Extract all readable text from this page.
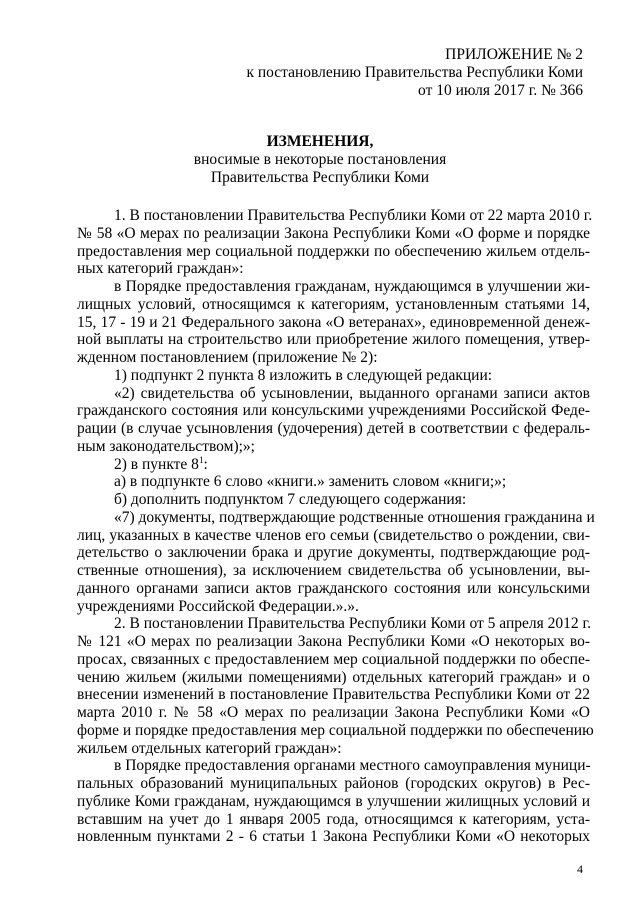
ПРИЛОЖЕНИЕ № 2
к постановлению Правительства Республики Коми
от 10 июля 2017 г. № 366
ИЗМЕНЕНИЯ,
вносимые в некоторые постановления
Правительства Республики Коми
1. В постановлении Правительства Республики Коми от 22 марта 2010 г.
№ 58 «О мерах по реализации Закона Республики Коми «О форме и порядке
предоставления мер социальной поддержки по обеспечению жильем отдель-
ных категорий граждан»:
в Порядке предоставления гражданам, нуждающимся в улучшении жи-
лищных условий, относящимся к категориям, установленным статьями 14,
15, 17 - 19 и 21 Федерального закона «О ветеранах», единовременной денеж-
ной выплаты на строительство или приобретение жилого помещения, утвер-
жденном постановлением (приложение № 2):
1) подпункт 2 пункта 8 изложить в следующей редакции:
«2) свидетельства об усыновлении, выданного органами записи актов
гражданского состояния или консульскими учреждениями Российской Феде-
рации (в случае усыновления (удочерения) детей в соответствии с федераль-
ным законодательством);»;
2) в пункте $8^1$:
а) в подпункте 6 слово «книги.» заменить словом «книги;»;
б) дополнить подпунктом 7 следующего содержания:
«7) документы, подтверждающие родственные отношения гражданина и
лиц, указанных в качестве членов его семьи (свидетельство о рождении, сви-
детельство о заключении брака и другие документы, подтверждающие род-
ственные отношения), за исключением свидетельства об усыновлении, вы-
данного органами записи актов гражданского состояния или консульскими
учреждениями Российской Федерации.».».
2. В постановлении Правительства Республики Коми от 5 апреля 2012 г.
№ 121 «О мерах по реализации Закона Республики Коми «О некоторых во-
просах, связанных с предоставлением мер социальной поддержки по обеспе-
чению жильем (жилыми помещениями) отдельных категорий граждан» и о
внесении изменений в постановление Правительства Республики Коми от 22
марта 2010 г. № 58 «О мерах по реализации Закона Республики Коми «О
форме и порядке предоставления мер социальной поддержки по обеспечению
жильем отдельных категорий граждан»:
в Порядке предоставления органами местного самоуправления муници-
пальных образований муниципальных районов (городских округов) в Рес-
публике Коми гражданам, нуждающимся в улучшении жилищных условий и
вставшим на учет до 1 января 2005 года, относящимся к категориям, уста-
новленным пунктами 2 - 6 статьи 1 Закона Республики Коми «О некоторых
4
